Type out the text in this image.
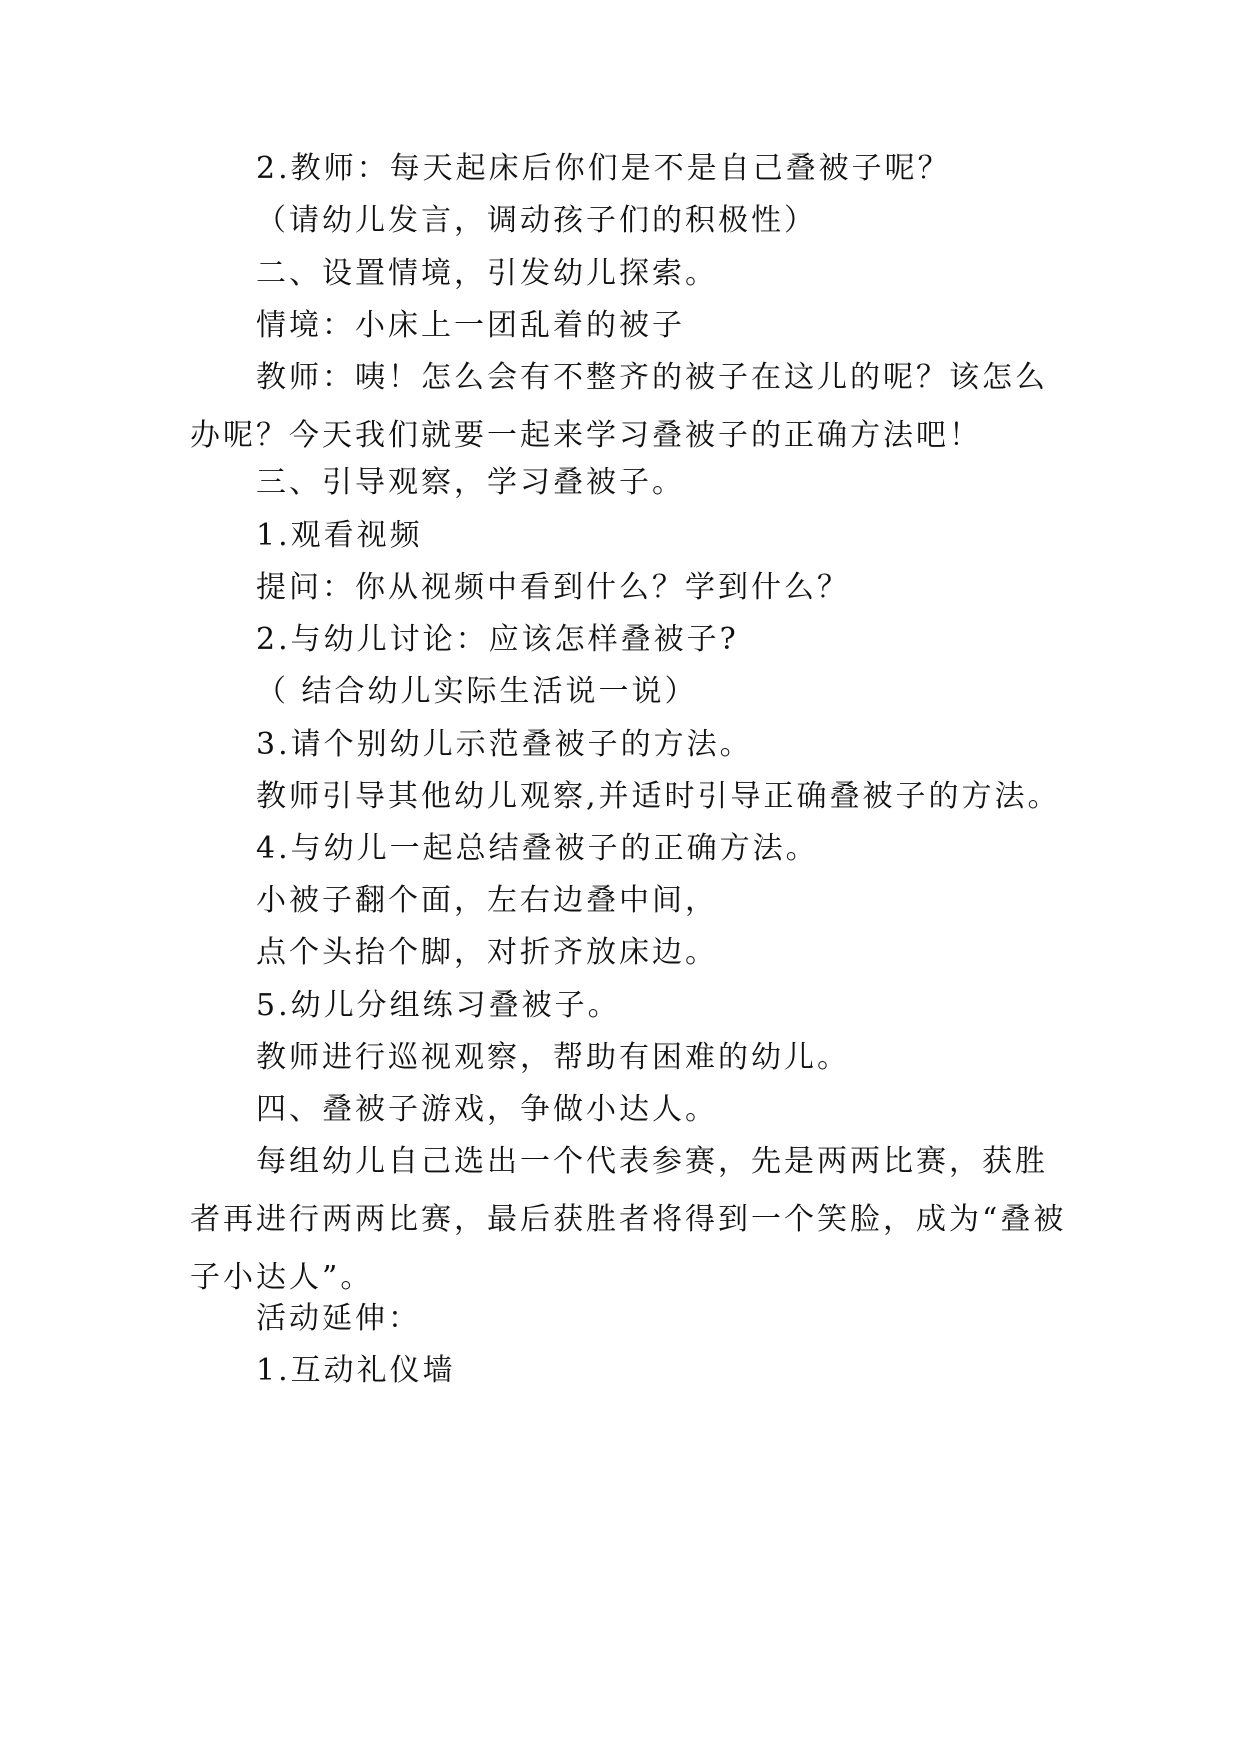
2.教师：每天起床后你们是不是自己叠被子呢？

（请幼儿发言，调动孩子们的积极性）

二、设置情境，引发幼儿探索。

情境：小床上一团乱着的被子

教师：咦！怎么会有不整齐的被子在这儿的呢？该怎么办呢？今天我们就要一起来学习叠被子的正确方法吧！

三、引导观察，学习叠被子。

1.观看视频

提问：你从视频中看到什么？学到什么？

2.与幼儿讨论：应该怎样叠被子?

（ 结合幼儿实际生活说一说）

3.请个别幼儿示范叠被子的方法。

教师引导其他幼儿观察,并适时引导正确叠被子的方法。

4.与幼儿一起总结叠被子的正确方法。

小被子翻个面，左右边叠中间，

点个头抬个脚，对折齐放床边。

5.幼儿分组练习叠被子。

教师进行巡视观察，帮助有困难的幼儿。

四、叠被子游戏，争做小达人。

每组幼儿自己选出一个代表参赛，先是两两比赛，获胜者再进行两两比赛，最后获胜者将得到一个笑脸，成为“叠被子小达人”。

活动延伸：

1.互动礼仪墙
